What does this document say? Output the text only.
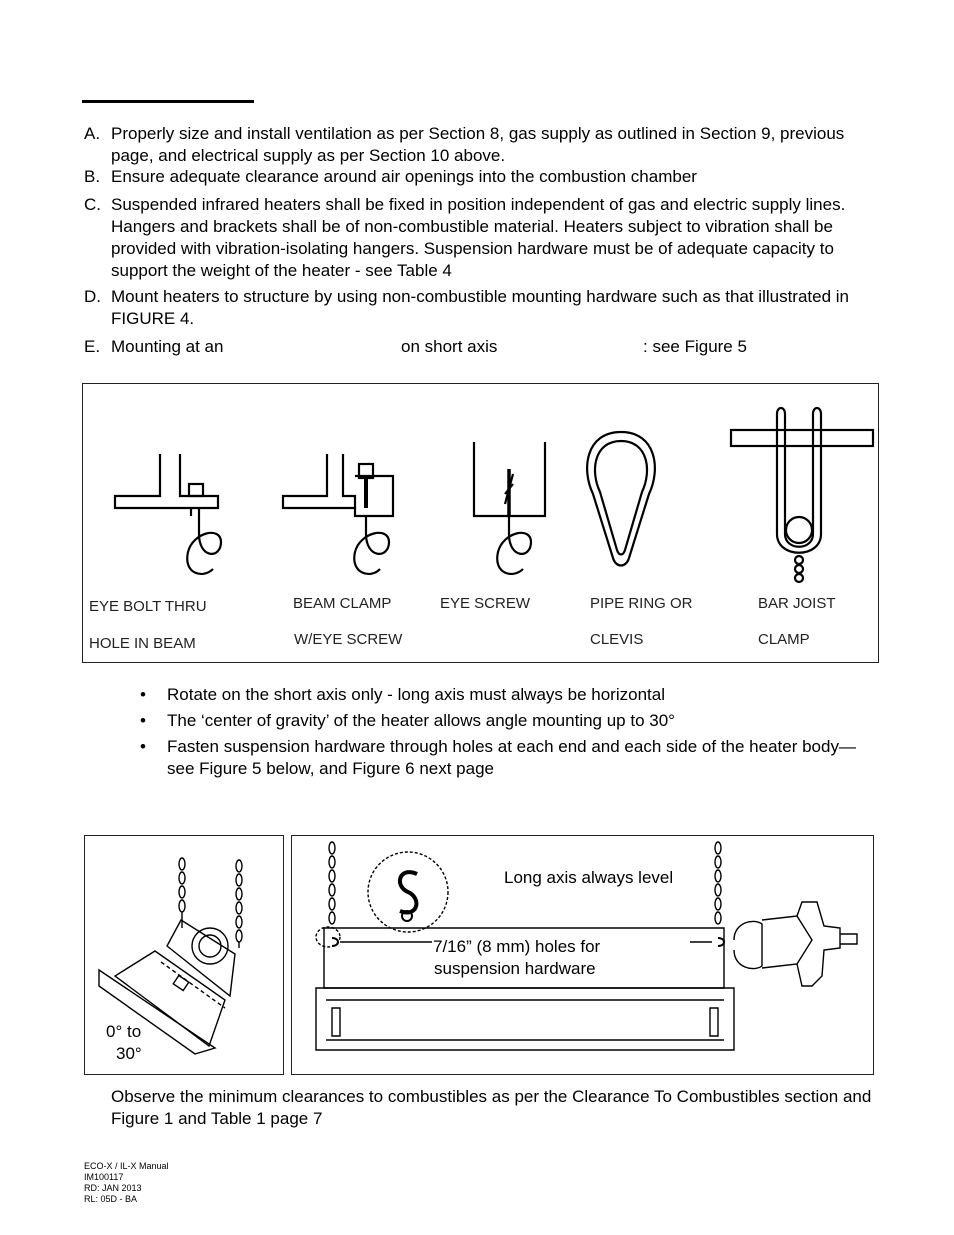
A. Properly size and install ventilation as per Section 8, gas supply as outlined in Section 9, previous page, and electrical supply as per Section 10 above.
B. Ensure adequate clearance around air openings into the combustion chamber
C. Suspended infrared heaters shall be fixed in position independent of gas and electric supply lines. Hangers and brackets shall be of non-combustible material. Heaters subject to vibration shall be provided with vibration-isolating hangers. Suspension hardware must be of adequate capacity to support the weight of the heater - see Table 4
D. Mount heaters to structure by using non-combustible mounting hardware such as that illustrated in FIGURE 4.
E. Mounting at an	on short axis	: see Figure 5
EYE BOLT THRU
HOLE IN BEAM
BEAM CLAMP
W/EYE SCREW
EYE SCREW	PIPE RING OR
CLEVIS
BAR JOIST
CLAMP
• Rotate on the short axis only - long axis must always be horizontal
• The ‘center of gravity’ of the heater allows angle mounting up to 30°
• Fasten suspension hardware through holes at each end and each side of the heater body—see Figure 5 below, and Figure 6 next page
0° to
30°
Long axis always level
7/16” (8 mm) holes for
suspension hardware
Observe the minimum clearances to combustibles as per the Clearance To Combustibles section and Figure 1 and Table 1 page 7
ECO-X / IL-X Manual
IM100117
RD: JAN 2013
RL: 05D - BA
